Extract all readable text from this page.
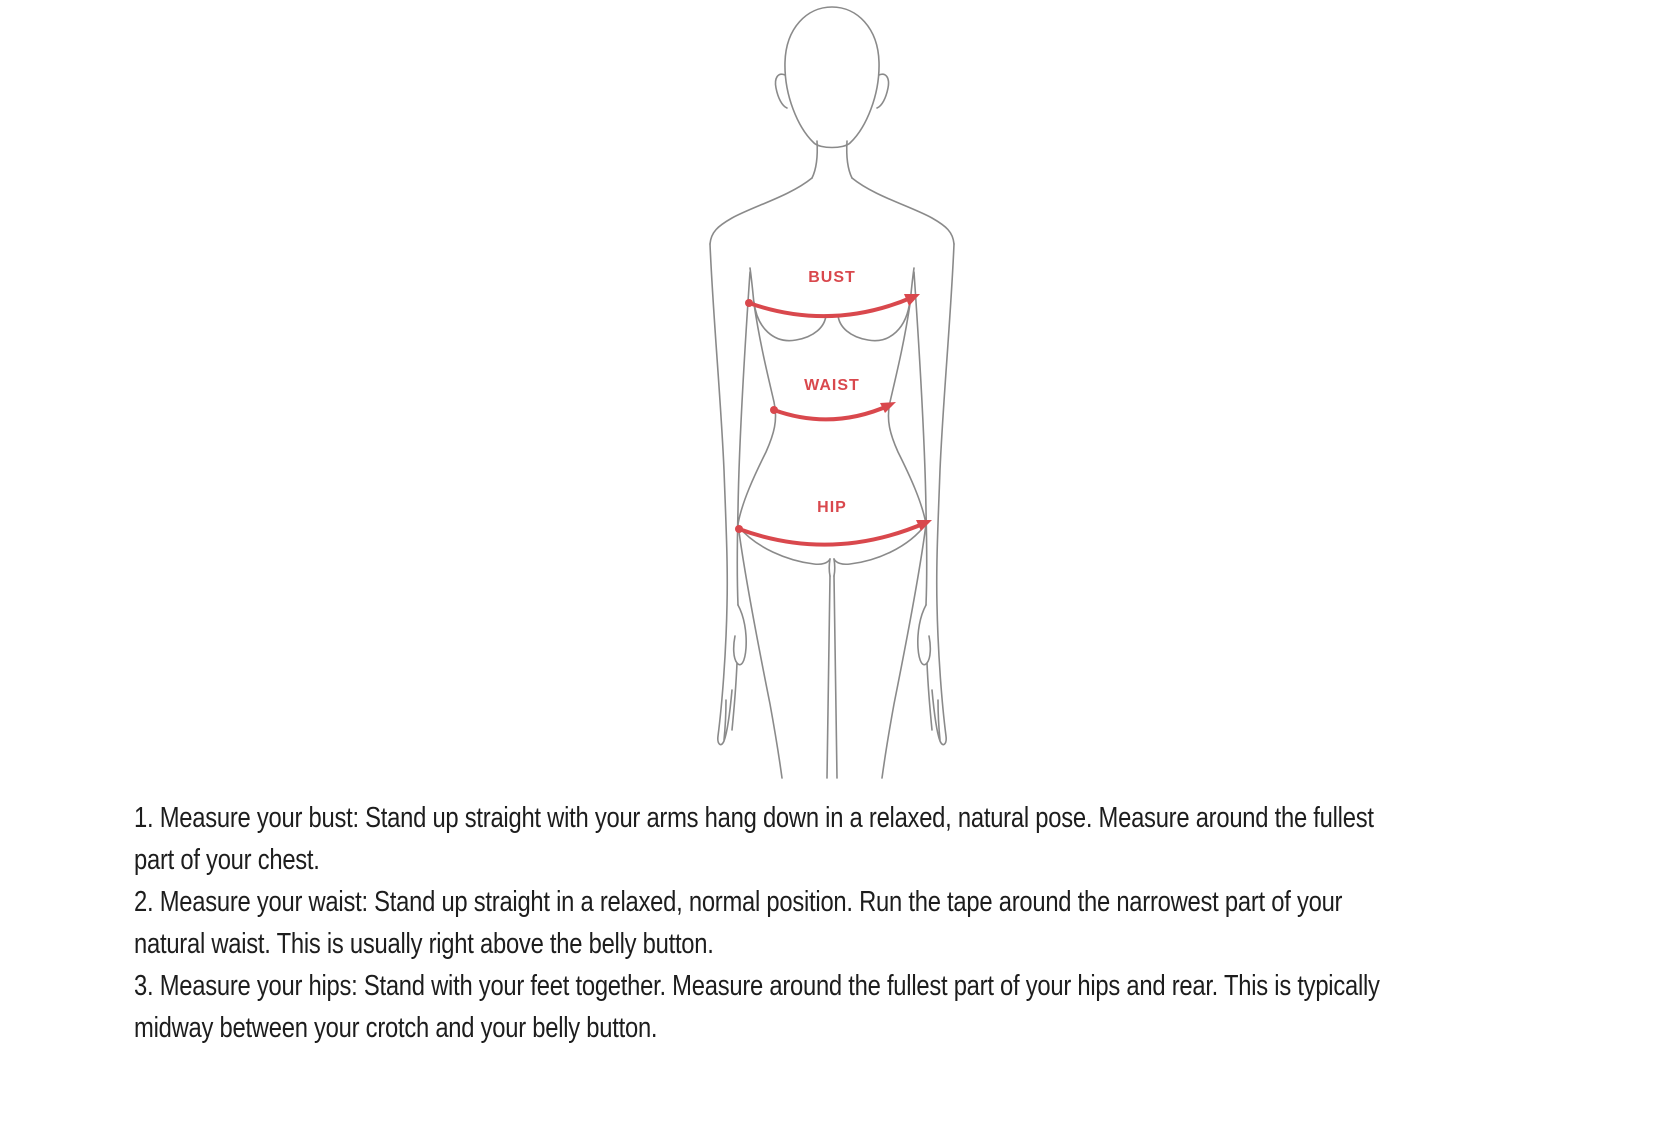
BUST
WAIST
HIP

1. Measure your bust: Stand up straight with your arms hang down in a relaxed, natural pose. Measure around the fullest
part of your chest.

2. Measure your waist: Stand up straight in a relaxed, normal position. Run the tape around the narrowest part of your
natural waist. This is usually right above the belly button.

3. Measure your hips: Stand with your feet together. Measure around the fullest part of your hips and rear. This is typically
midway between your crotch and your belly button.
